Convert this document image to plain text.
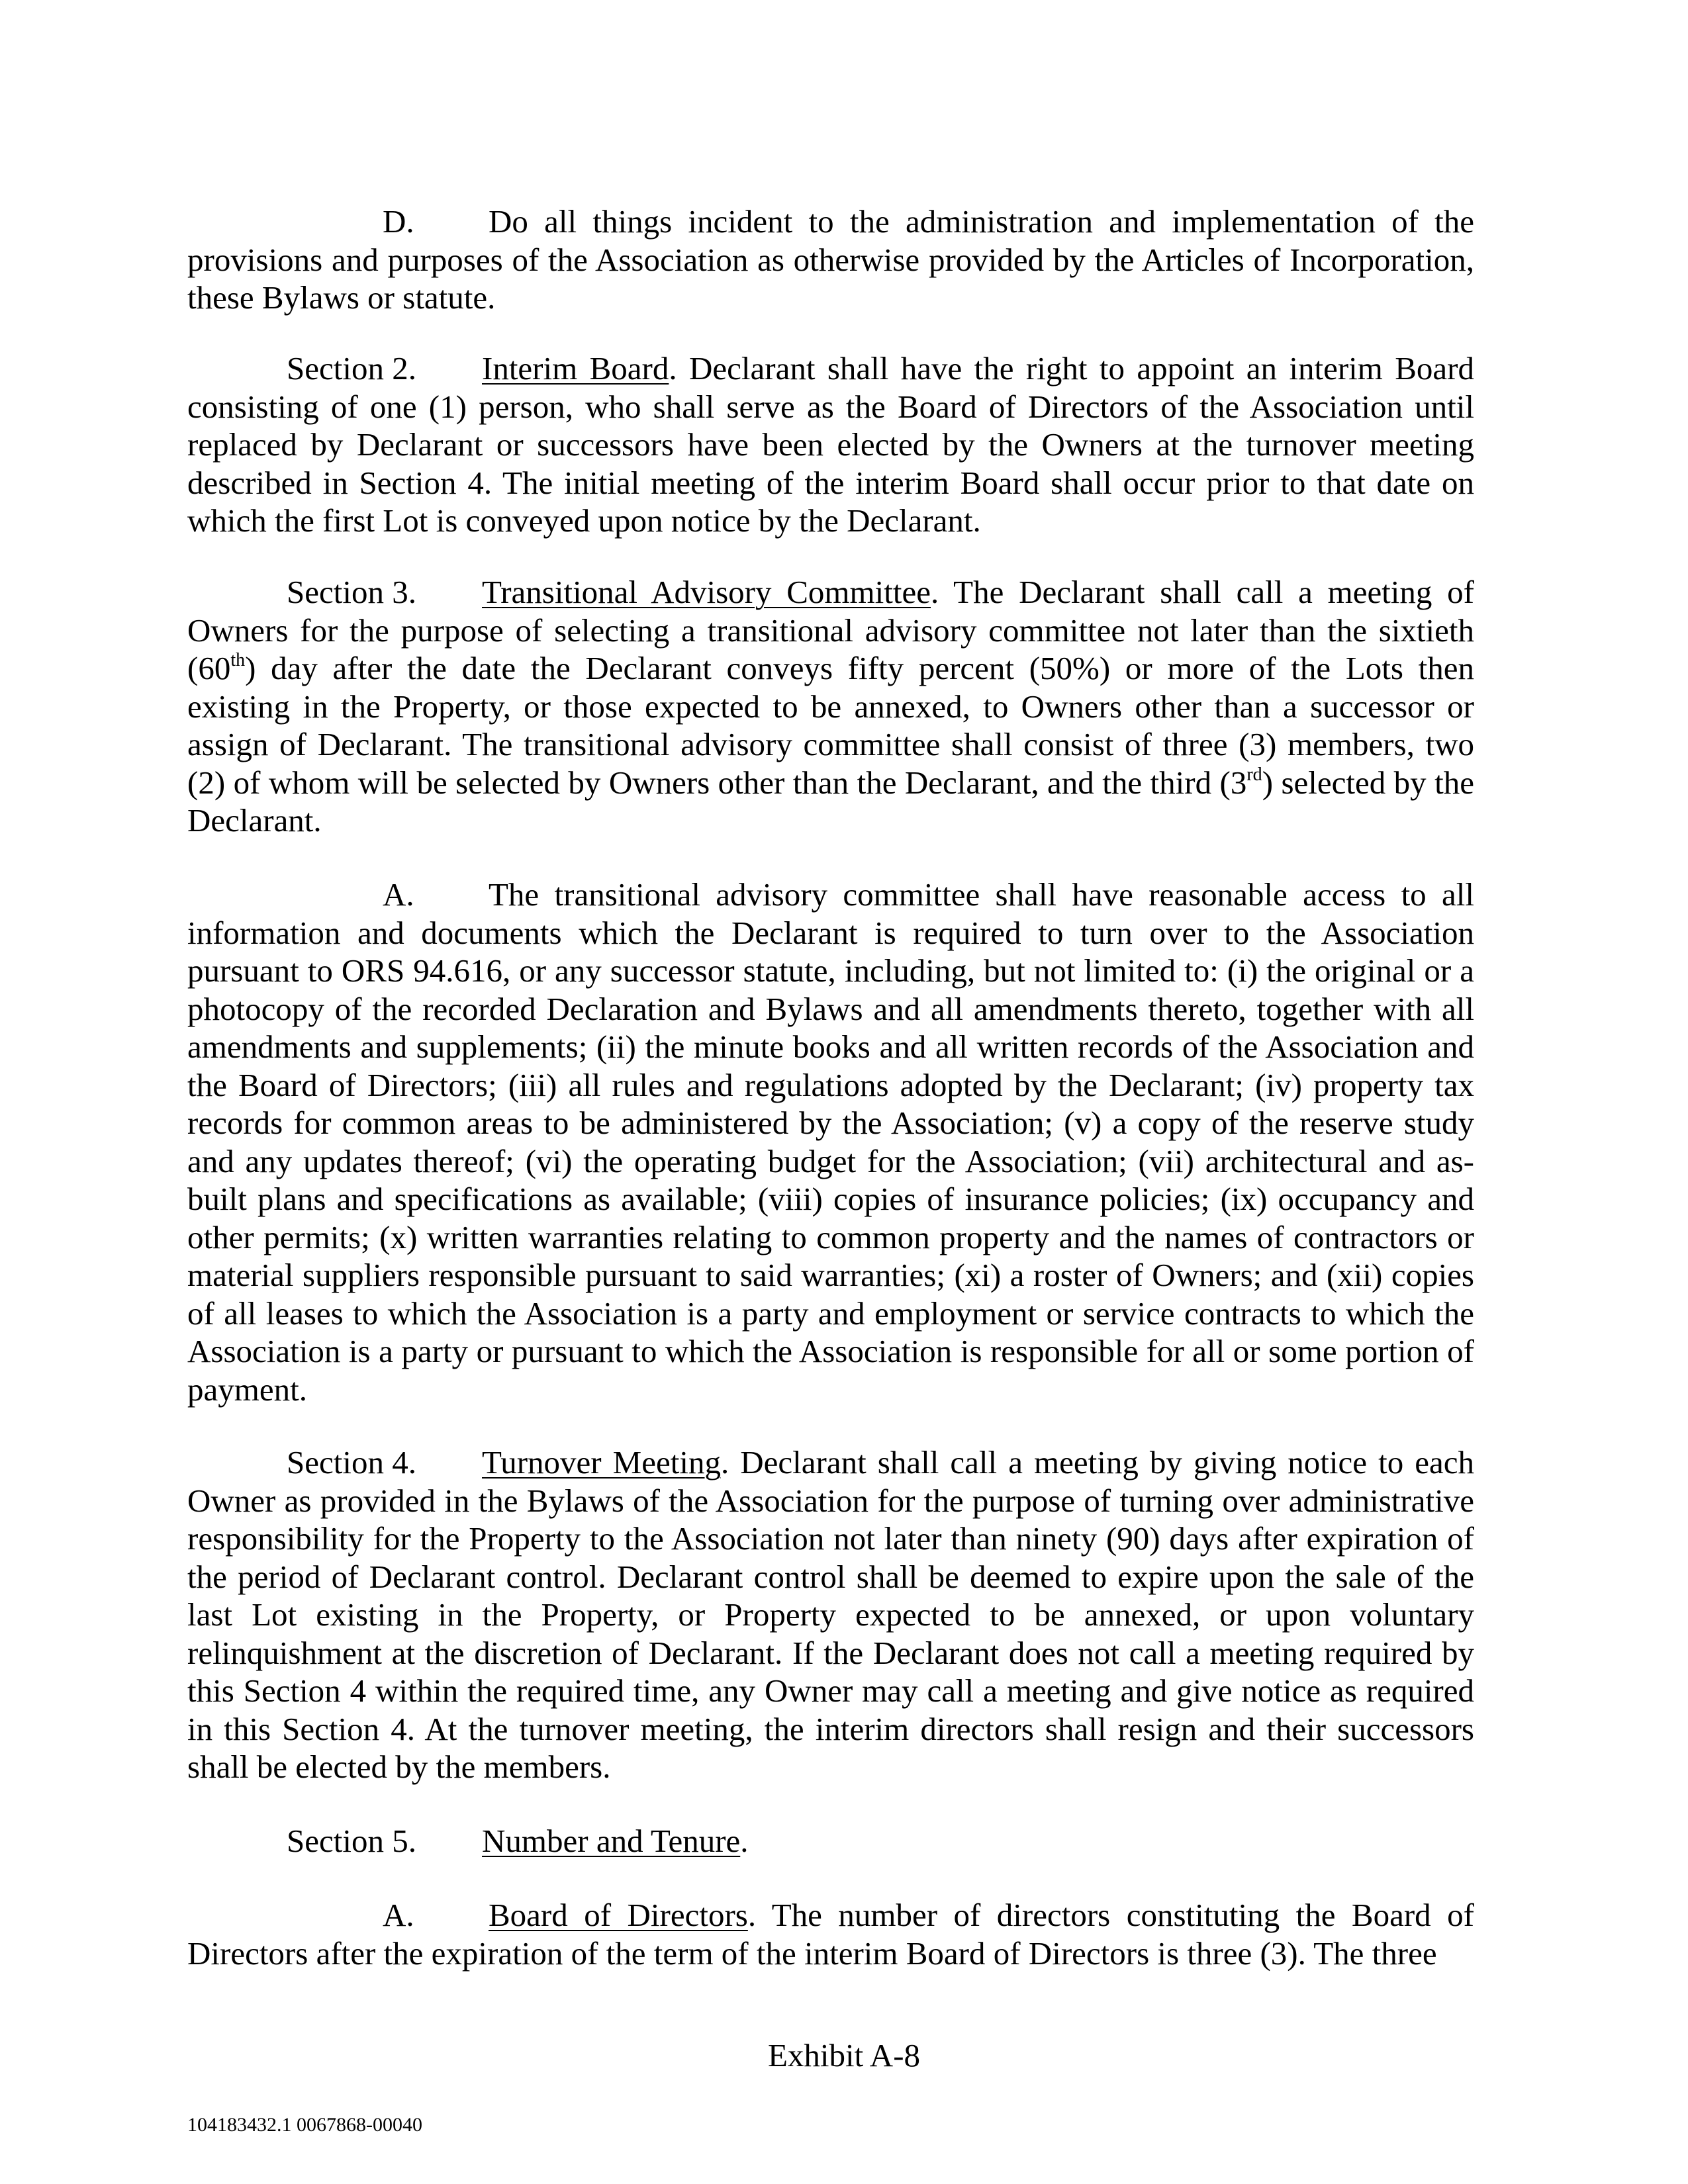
D. Do all things incident to the administration and implementation of the provisions and purposes of the Association as otherwise provided by the Articles of Incorporation, these Bylaws or statute.

Section 2. Interim Board. Declarant shall have the right to appoint an interim Board consisting of one (1) person, who shall serve as the Board of Directors of the Association until replaced by Declarant or successors have been elected by the Owners at the turnover meeting described in Section 4. The initial meeting of the interim Board shall occur prior to that date on which the first Lot is conveyed upon notice by the Declarant.

Section 3. Transitional Advisory Committee. The Declarant shall call a meeting of Owners for the purpose of selecting a transitional advisory committee not later than the sixtieth (60th) day after the date the Declarant conveys fifty percent (50%) or more of the Lots then existing in the Property, or those expected to be annexed, to Owners other than a successor or assign of Declarant. The transitional advisory committee shall consist of three (3) members, two (2) of whom will be selected by Owners other than the Declarant, and the third (3rd) selected by the Declarant.

A. The transitional advisory committee shall have reasonable access to all information and documents which the Declarant is required to turn over to the Association pursuant to ORS 94.616, or any successor statute, including, but not limited to: (i) the original or a photocopy of the recorded Declaration and Bylaws and all amendments thereto, together with all amendments and supplements; (ii) the minute books and all written records of the Association and the Board of Directors; (iii) all rules and regulations adopted by the Declarant; (iv) property tax records for common areas to be administered by the Association; (v) a copy of the reserve study and any updates thereof; (vi) the operating budget for the Association; (vii) architectural and as-built plans and specifications as available; (viii) copies of insurance policies; (ix) occupancy and other permits; (x) written warranties relating to common property and the names of contractors or material suppliers responsible pursuant to said warranties; (xi) a roster of Owners; and (xii) copies of all leases to which the Association is a party and employment or service contracts to which the Association is a party or pursuant to which the Association is responsible for all or some portion of payment.

Section 4. Turnover Meeting. Declarant shall call a meeting by giving notice to each Owner as provided in the Bylaws of the Association for the purpose of turning over administrative responsibility for the Property to the Association not later than ninety (90) days after expiration of the period of Declarant control. Declarant control shall be deemed to expire upon the sale of the last Lot existing in the Property, or Property expected to be annexed, or upon voluntary relinquishment at the discretion of Declarant. If the Declarant does not call a meeting required by this Section 4 within the required time, any Owner may call a meeting and give notice as required in this Section 4. At the turnover meeting, the interim directors shall resign and their successors shall be elected by the members.

Section 5. Number and Tenure.

A. Board of Directors. The number of directors constituting the Board of Directors after the expiration of the term of the interim Board of Directors is three (3). The three

Exhibit A-8
104183432.1 0067868-00040
